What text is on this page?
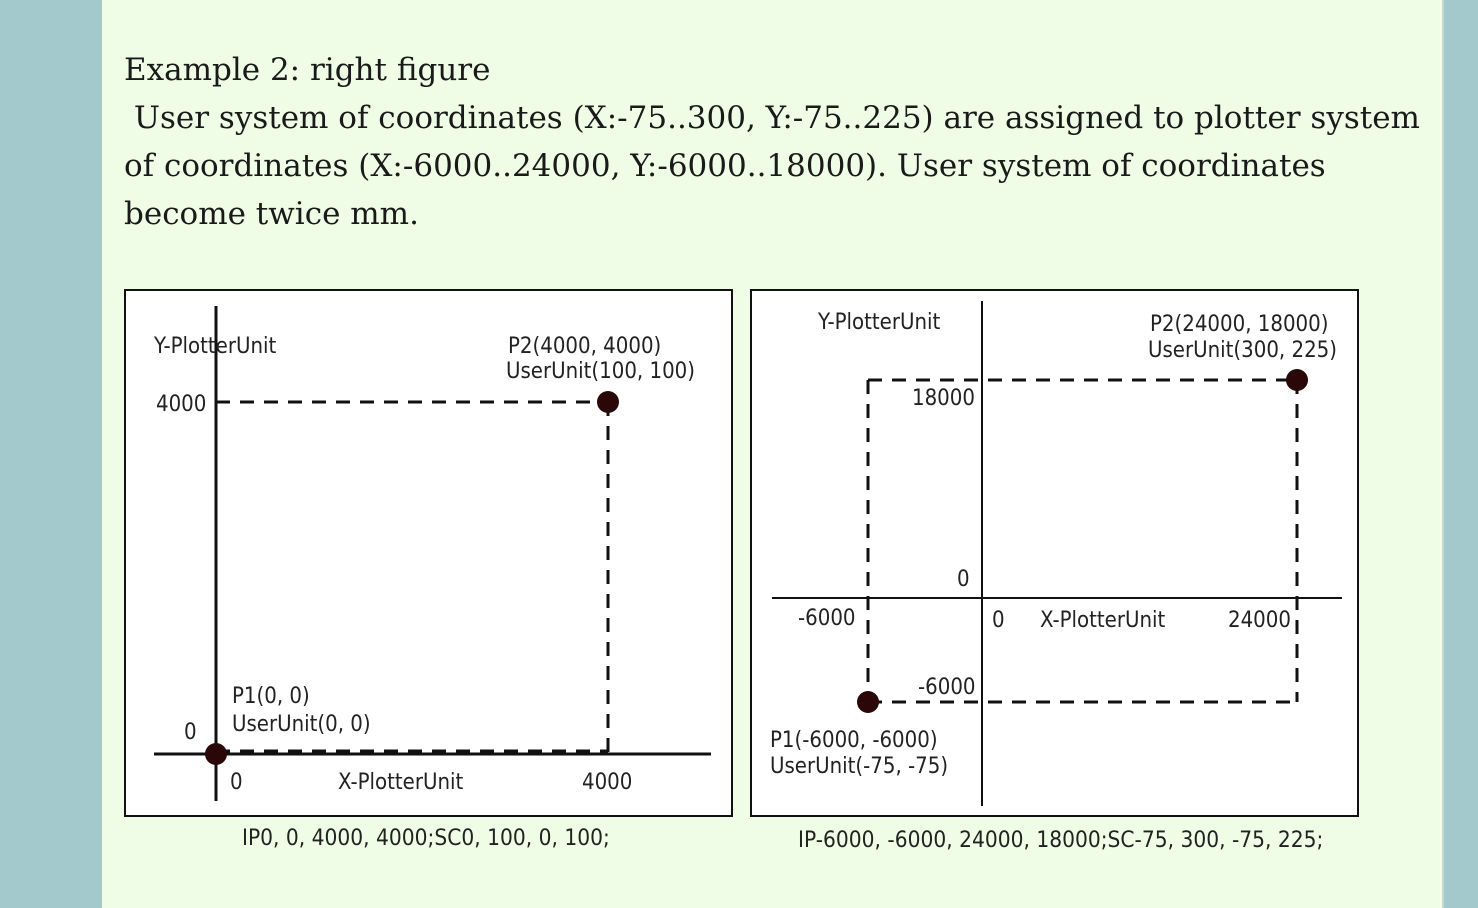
Example 2: right figure

User system of coordinates (X:-75..300, Y:-75..225) are assigned to plotter system of coordinates (X:-6000..24000, Y:-6000..18000). User system of coordinates become twice mm.

Y-PlotterUnit
4000
0
0	X-PlotterUnit	4000
P2(4000, 4000)
UserUnit(100, 100)
P1(0, 0)
UserUnit(0, 0)
IP0, 0, 4000, 4000;SC0, 100, 0, 100;
Y-PlotterUnit
18000
0
-6000
-6000	0 X-PlotterUnit	24000
P2(24000, 18000)
UserUnit(300, 225)
P1(-6000, -6000)
UserUnit(-75, -75)
IP-6000, -6000, 24000, 18000;SC-75, 300, -75, 225;
